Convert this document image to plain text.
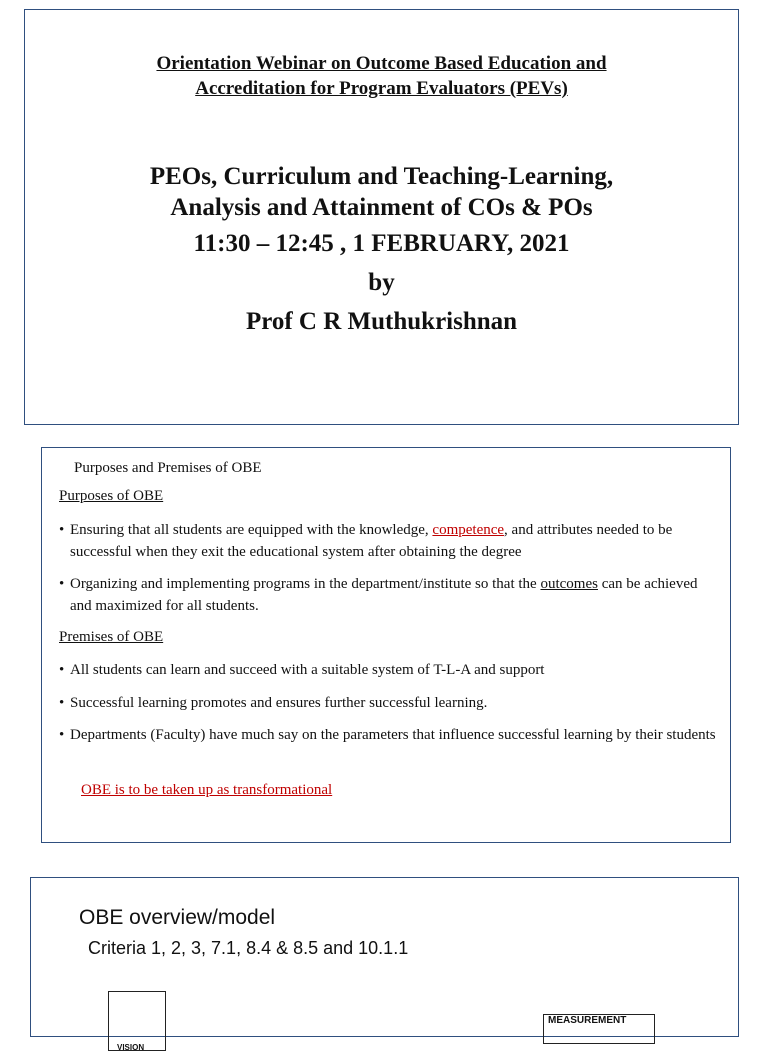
Orientation Webinar on Outcome Based Education and
Accreditation for Program Evaluators (PEVs)
PEOs, Curriculum and Teaching-Learning,
Analysis and Attainment of COs & POs
11:30 – 12:45 , 1 FEBRUARY, 2021
by
Prof C R Muthukrishnan
Purposes and Premises of OBE
Purposes of OBE
• Ensuring that all students are equipped with the knowledge, competence, and attributes needed to be successful when they exit the educational system after obtaining the degree
• Organizing and implementing programs in the department/institute so that the outcomes can be achieved and maximized for all students.
Premises of OBE
• All students can learn and succeed with a suitable system of T-L-A and support
• Successful learning promotes and ensures further successful learning.
• Departments (Faculty) have much say on the parameters that influence successful learning by their students
OBE is to be taken up as transformational
OBE overview/model
Criteria 1, 2, 3, 7.1, 8.4 & 8.5 and 10.1.1
VISION
MEASUREMENT
